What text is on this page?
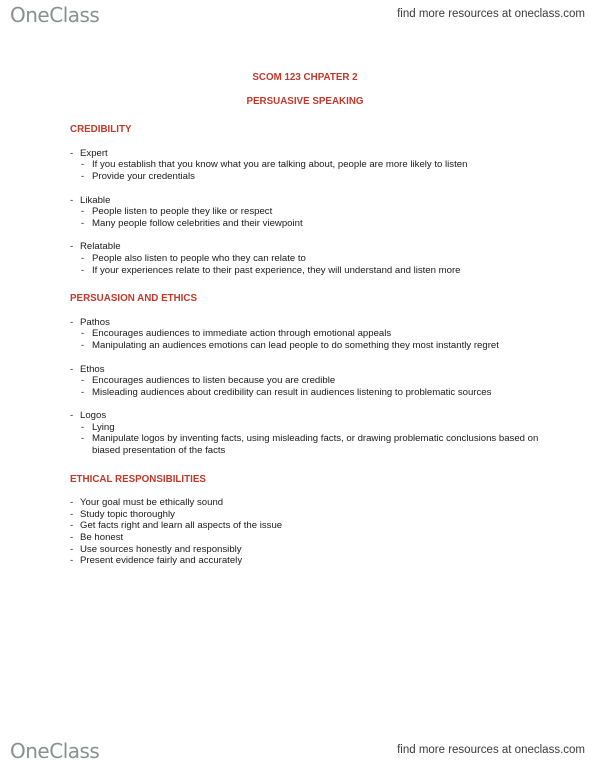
OneClass	find more resources at oneclass.com

SCOM 123 CHPATER 2

PERSUASIVE SPEAKING

CREDIBILITY

- Expert
- If you establish that you know what you are talking about, people are more likely to listen
- Provide your credentials
- Likable
- People listen to people they like or respect
- Many people follow celebrities and their viewpoint
- Relatable
- People also listen to people who they can relate to
- If your experiences relate to their past experience, they will understand and listen more

PERSUASION AND ETHICS

- Pathos
- Encourages audiences to immediate action through emotional appeals
- Manipulating an audiences emotions can lead people to do something they most instantly regret
- Ethos
- Encourages audiences to listen because you are credible
- Misleading audiences about credibility can result in audiences listening to problematic sources
- Logos
- Lying
- Manipulate logos by inventing facts, using misleading facts, or drawing problematic conclusions based on biased presentation of the facts

ETHICAL RESPONSIBILITIES

- Your goal must be ethically sound
- Study topic thoroughly
- Get facts right and learn all aspects of the issue
- Be honest
- Use sources honestly and responsibly
- Present evidence fairly and accurately
OneClass	find more resources at oneclass.com
